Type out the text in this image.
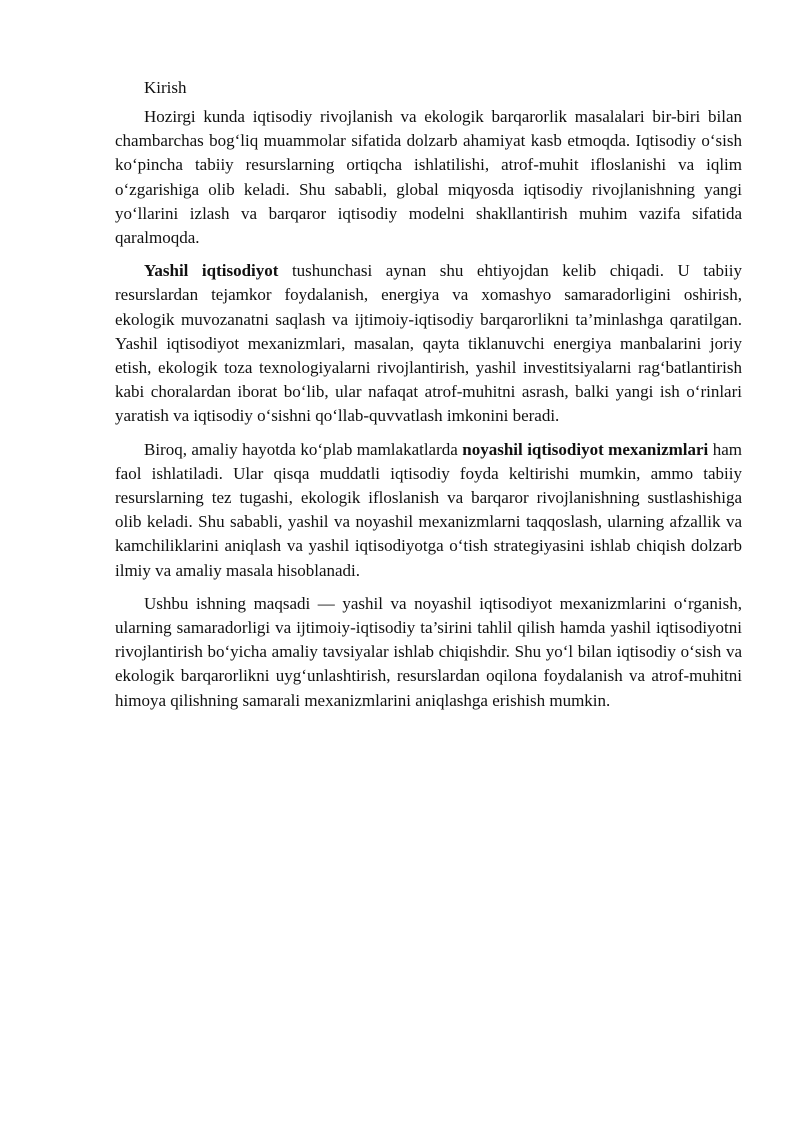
Kirish

Hozirgi kunda iqtisodiy rivojlanish va ekologik barqarorlik masalalari bir-biri bilan chambarchas bog‘liq muammolar sifatida dolzarb ahamiyat kasb etmoqda. Iqtisodiy o‘sish ko‘pincha tabiiy resurslarning ortiqcha ishlatilishi, atrof-muhit ifloslanishi va iqlim o‘zgarishiga olib keladi. Shu sababli, global miqyosda iqtisodiy rivojlanishning yangi yo‘llarini izlash va barqaror iqtisodiy modelni shakllantirish muhim vazifa sifatida qaralmoqda.

Yashil iqtisodiyot tushunchasi aynan shu ehtiyojdan kelib chiqadi. U tabiiy resurslardan tejamkor foydalanish, energiya va xomashyo samaradorligini oshirish, ekologik muvozanatni saqlash va ijtimoiy-iqtisodiy barqarorlikni ta’minlashga qaratilgan. Yashil iqtisodiyot mexanizmlari, masalan, qayta tiklanuvchi energiya manbalarini joriy etish, ekologik toza texnologiyalarni rivojlantirish, yashil investitsiyalarni rag‘batlantirish kabi choralardan iborat bo‘lib, ular nafaqat atrof-muhitni asrash, balki yangi ish o‘rinlari yaratish va iqtisodiy o‘sishni qo‘llab-quvvatlash imkonini beradi.

Biroq, amaliy hayotda ko‘plab mamlakatlarda noyashil iqtisodiyot mexanizmlari ham faol ishlatiladi. Ular qisqa muddatli iqtisodiy foyda keltirishi mumkin, ammo tabiiy resurslarning tez tugashi, ekologik ifloslanish va barqaror rivojlanishning sustlashishiga olib keladi. Shu sababli, yashil va noyashil mexanizmlarni taqqoslash, ularning afzallik va kamchiliklarini aniqlash va yashil iqtisodiyotga o‘tish strategiyasini ishlab chiqish dolzarb ilmiy va amaliy masala hisoblanadi.

Ushbu ishning maqsadi — yashil va noyashil iqtisodiyot mexanizmlarini o‘rganish, ularning samaradorligi va ijtimoiy-iqtisodiy ta’sirini tahlil qilish hamda yashil iqtisodiyotni rivojlantirish bo‘yicha amaliy tavsiyalar ishlab chiqishdir. Shu yo‘l bilan iqtisodiy o‘sish va ekologik barqarorlikni uyg‘unlashtirish, resurslardan oqilona foydalanish va atrof-muhitni himoya qilishning samarali mexanizmlarini aniqlashga erishish mumkin.
